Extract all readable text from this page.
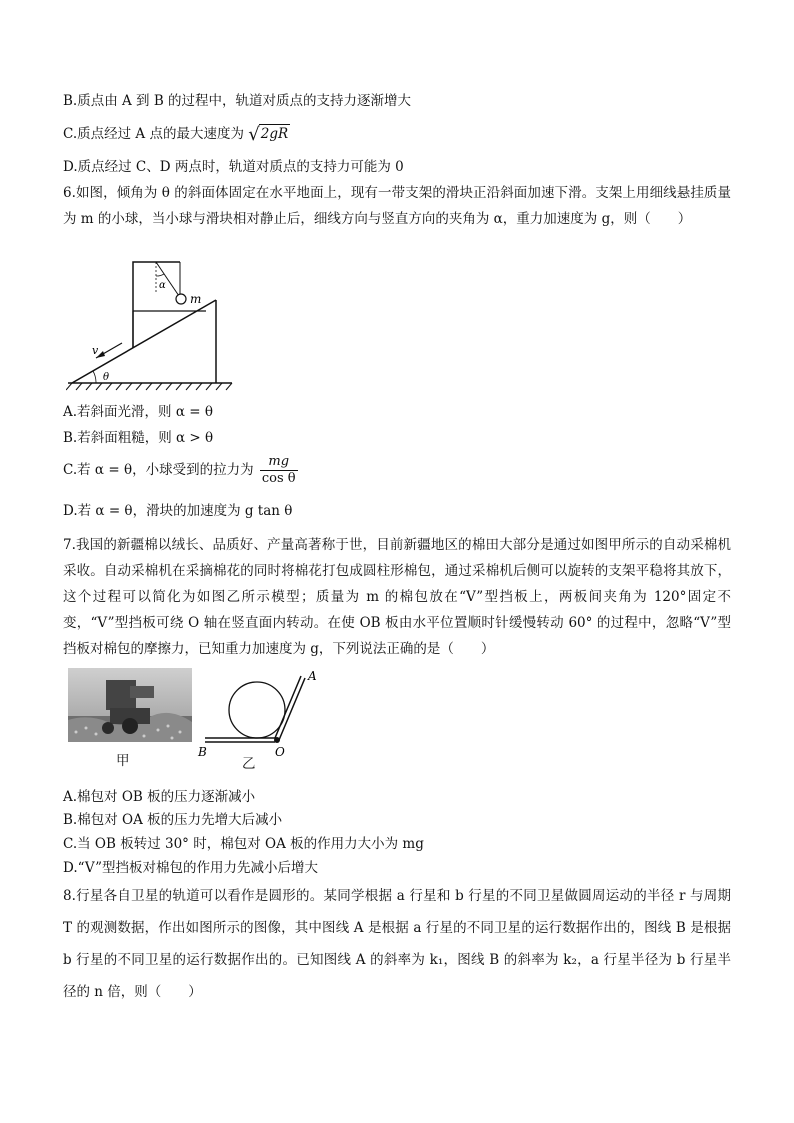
B.质点由 A 到 B 的过程中，轨道对质点的支持力逐渐增大
C.质点经过 A 点的最大速度为 √2gR
D.质点经过 C、D 两点时，轨道对质点的支持力可能为 0
6.如图，倾角为 θ 的斜面体固定在水平地面上，现有一带支架的滑块正沿斜面加速下滑。支架上用细线悬挂质量为 m 的小球，当小球与滑块相对静止后，细线方向与竖直方向的夹角为 α，重力加速度为 g，则（　　）
α
m
v
θ
A.若斜面光滑，则 α = θ
B.若斜面粗糙，则 α > θ
C.若 α = θ，小球受到的拉力为 $\frac{mg}{\text{cos θ}}$
D.若 α = θ，滑块的加速度为 g tan θ
7.我国的新疆棉以绒长、品质好、产量高著称于世，目前新疆地区的棉田大部分是通过如图甲所示的自动采棉机采收。自动采棉机在采摘棉花的同时将棉花打包成圆柱形棉包，通过采棉机后侧可以旋转的支架平稳将其放下，这个过程可以简化为如图乙所示模型；质量为 m 的棉包放在“V”型挡板上，两板间夹角为 120°固定不变，“V”型挡板可绕 O 轴在竖直面内转动。在使 OB 板由水平位置顺时针缓慢转动 60° 的过程中，忽略“V”型挡板对棉包的摩擦力，已知重力加速度为 g，下列说法正确的是（　　）
甲
A
B	O
乙
A.棉包对 OB 板的压力逐渐减小
B.棉包对 OA 板的压力先增大后减小
C.当 OB 板转过 30° 时，棉包对 OA 板的作用力大小为 mg
D.“V”型挡板对棉包的作用力先减小后增大
8.行星各自卫星的轨道可以看作是圆形的。某同学根据 a 行星和 b 行星的不同卫星做圆周运动的半径 r 与周期 T 的观测数据，作出如图所示的图像，其中图线 A 是根据 a 行星的不同卫星的运行数据作出的，图线 B 是根据 b 行星的不同卫星的运行数据作出的。已知图线 A 的斜率为 k₁，图线 B 的斜率为 k₂，a 行星半径为 b 行星半径的 n 倍，则（　　）
